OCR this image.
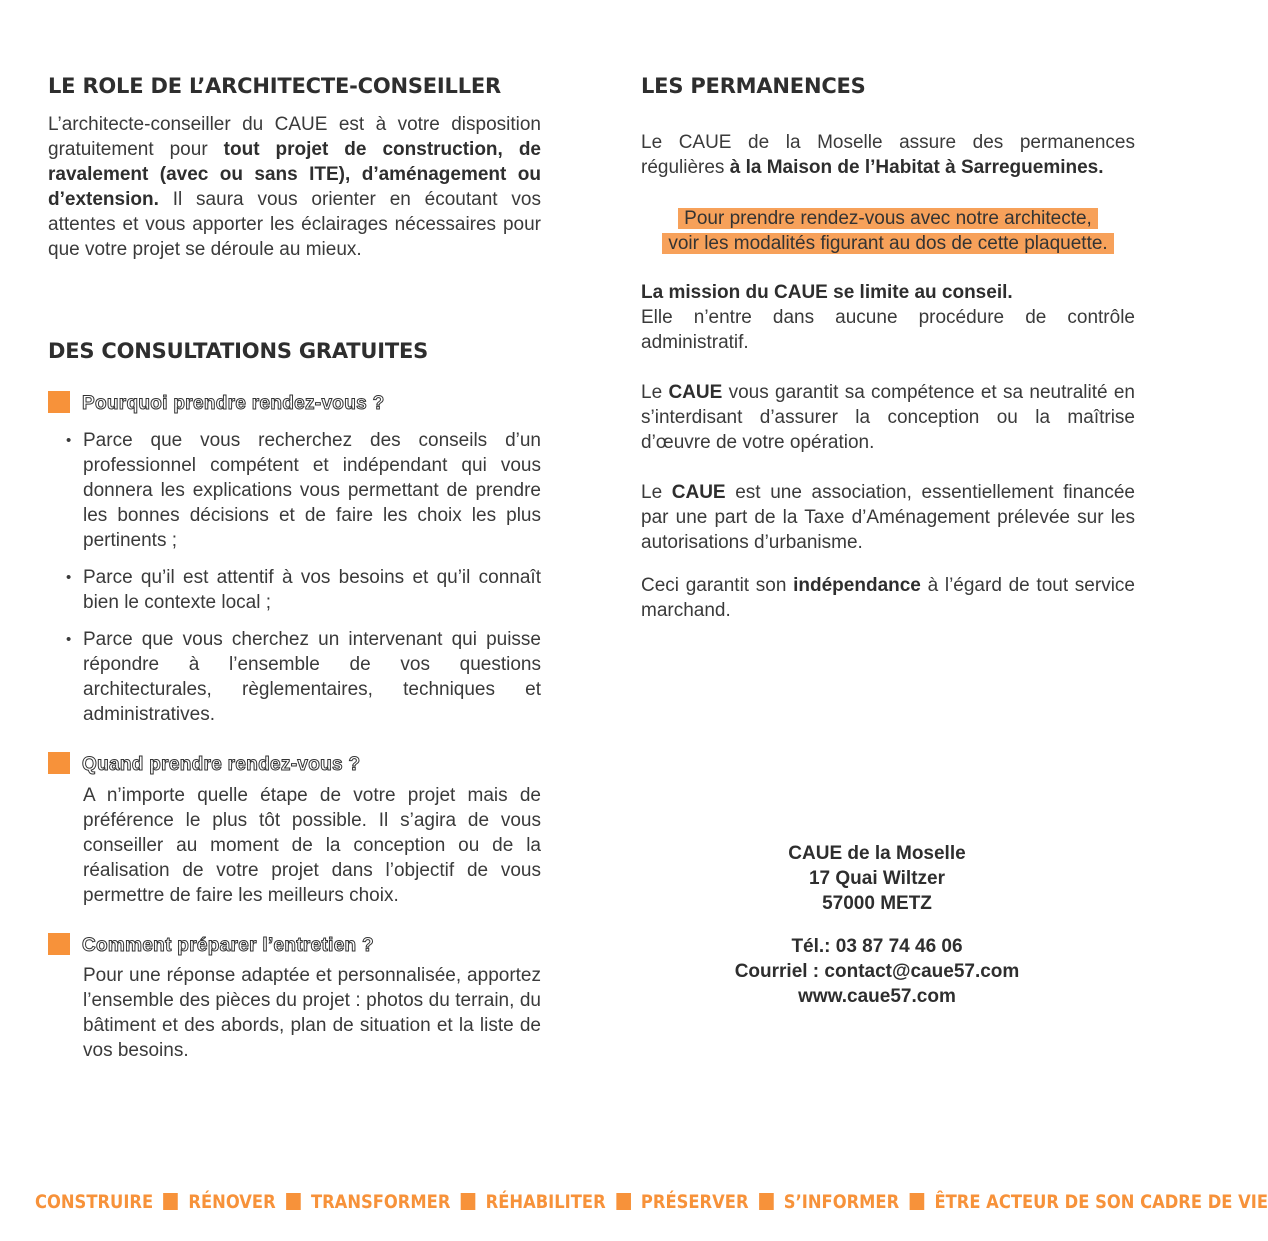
LE ROLE DE L’ARCHITECTE-CONSEILLER

L’architecte-conseiller du CAUE est à votre disposition gratuitement pour tout projet de construction, de ravalement (avec ou sans ITE), d’aménagement ou d’extension. Il saura vous orienter en écoutant vos attentes et vous apporter les éclairages nécessaires pour que votre projet se déroule au mieux.

DES CONSULTATIONS GRATUITES
Pourquoi prendre rendez-vous ?
• Parce que vous recherchez des conseils d’un professionnel compétent et indépendant qui vous donnera les explications vous permettant de prendre les bonnes décisions et de faire les choix les plus pertinents ;
• Parce qu’il est attentif à vos besoins et qu’il connaît bien le contexte local ;
• Parce que vous cherchez un intervenant qui puisse répondre à l’ensemble de vos questions architecturales, règlementaires, techniques et administratives.
Quand prendre rendez-vous ?

A n’importe quelle étape de votre projet mais de préférence le plus tôt possible. Il s’agira de vous conseiller au moment de la conception ou de la réalisation de votre projet dans l’objectif de vous permettre de faire les meilleurs choix.

Comment préparer l’entretien ?

Pour une réponse adaptée et personnalisée, apportez l’ensemble des pièces du projet : photos du terrain, du bâtiment et des abords, plan de situation et la liste de vos besoins.

LES PERMANENCES

Le CAUE de la Moselle assure des permanences régulières à la Maison de l’Habitat à Sarreguemines.

Pour prendre rendez-vous avec notre architecte,
voir les modalités figurant au dos de cette plaquette.

La mission du CAUE se limite au conseil.
Elle n’entre dans aucune procédure de contrôle administratif.

Le CAUE vous garantit sa compétence et sa neutralité en s’interdisant d’assurer la conception ou la maîtrise d’œuvre de votre opération.

Le CAUE est une association, essentiellement financée par une part de la Taxe d’Aménagement prélevée sur les autorisations d’urbanisme.

Ceci garantit son indépendance à l’égard de tout service marchand.

CAUE de la Moselle
17 Quai Wiltzer
57000 METZ
Tél.: 03 87 74 46 06
Courriel : contact@caue57.com
www.caue57.com
CONSTRUIRE RÉNOVER TRANSFORMER RÉHABILITER PRÉSERVER S’INFORMER ÊTRE ACTEUR DE SON CADRE DE VIE
